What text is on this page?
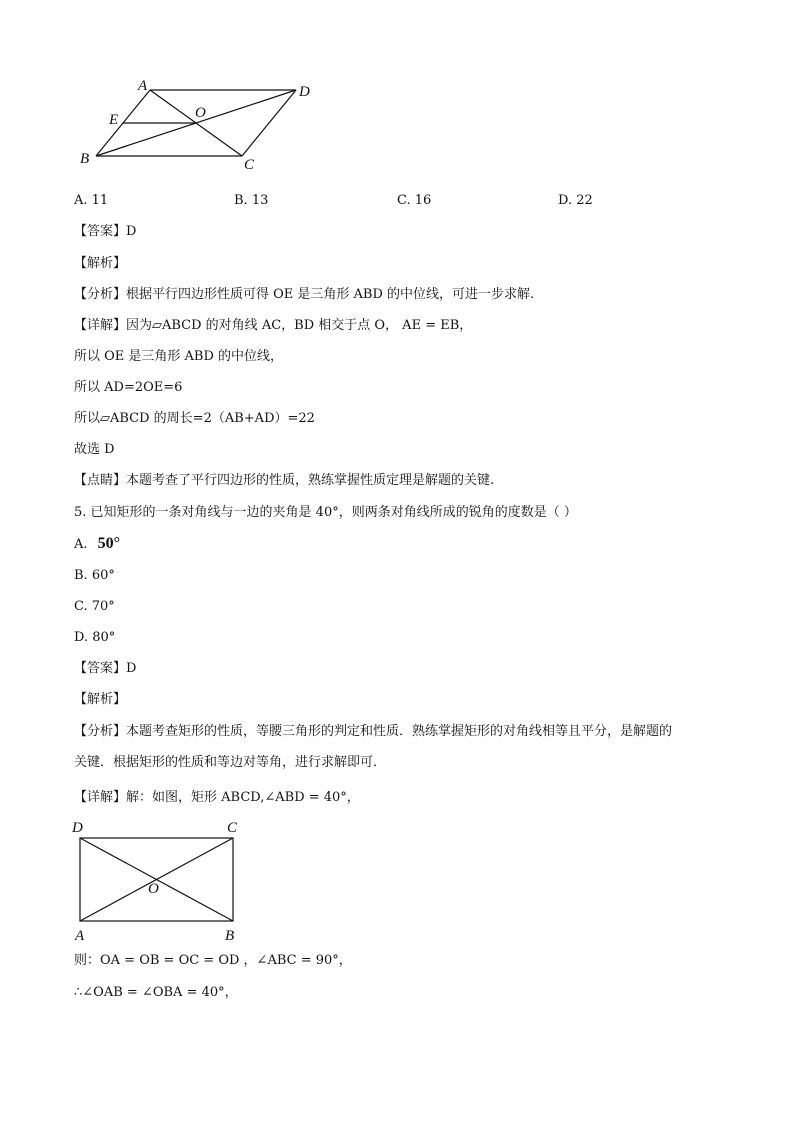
A	D
E	O
B	C
A. 11	B. 13	C. 16	D. 22
【答案】D
【解析】
【分析】根据平行四边形性质可得 OE 是三角形 ABD 的中位线，可进一步求解.
【详解】因为▱ABCD 的对角线 AC，BD 相交于点 O， AE = EB，
所以 OE 是三角形 ABD 的中位线，
所以 AD=2OE=6
所以▱ABCD 的周长=2（AB+AD）=22
故选 D
【点睛】本题考查了平行四边形的性质，熟练掌握性质定理是解题的关键.
5. 已知矩形的一条对角线与一边的夹角是 40°，则两条对角线所成的锐角的度数是（ ）
A. 50°
B. 60°
C. 70°
D. 80°
【答案】D
【解析】
【分析】本题考查矩形的性质，等腰三角形的判定和性质．熟练掌握矩形的对角线相等且平分，是解题的
关键．根据矩形的性质和等边对等角，进行求解即可．
【详解】解：如图，矩形 ABCD,∠ABD = 40°，
D	C
O
A	B
则：OA = OB = OC = OD ，∠ABC = 90°，
∴∠OAB = ∠OBA = 40°，
